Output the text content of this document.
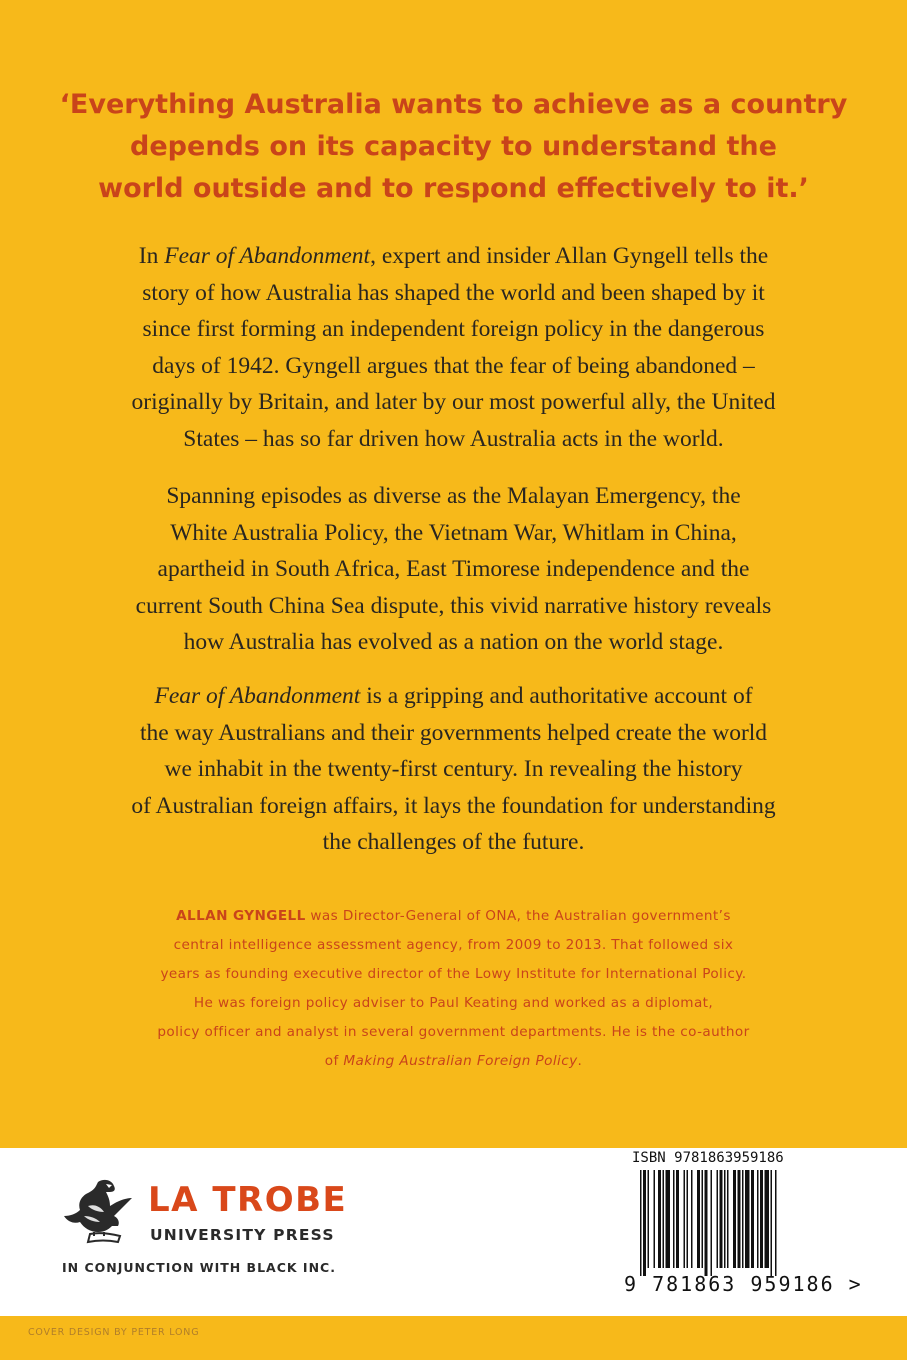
‘Everything Australia wants to achieve as a country
depends on its capacity to understand the
world outside and to respond effectively to it.’
In Fear of Abandonment, expert and insider Allan Gyngell tells the
story of how Australia has shaped the world and been shaped by it
since first forming an independent foreign policy in the dangerous
days of 1942. Gyngell argues that the fear of being abandoned –
originally by Britain, and later by our most powerful ally, the United
States – has so far driven how Australia acts in the world.
Spanning episodes as diverse as the Malayan Emergency, the
White Australia Policy, the Vietnam War, Whitlam in China,
apartheid in South Africa, East Timorese independence and the
current South China Sea dispute, this vivid narrative history reveals
how Australia has evolved as a nation on the world stage.
Fear of Abandonment is a gripping and authoritative account of
the way Australians and their governments helped create the world
we inhabit in the twenty-first century. In revealing the history
of Australian foreign affairs, it lays the foundation for understanding
the challenges of the future.
ALLAN GYNGELL was Director-General of ONA, the Australian government’s
central intelligence assessment agency, from 2009 to 2013. That followed six
years as founding executive director of the Lowy Institute for International Policy.
He was foreign policy adviser to Paul Keating and worked as a diplomat,
policy officer and analyst in several government departments. He is the co-author
of Making Australian Foreign Policy.
LA TROBE
UNIVERSITY PRESS
IN CONJUNCTION WITH BLACK INC.
ISBN 9781863959186
9 781863 959186 >
COVER DESIGN BY PETER LONG
